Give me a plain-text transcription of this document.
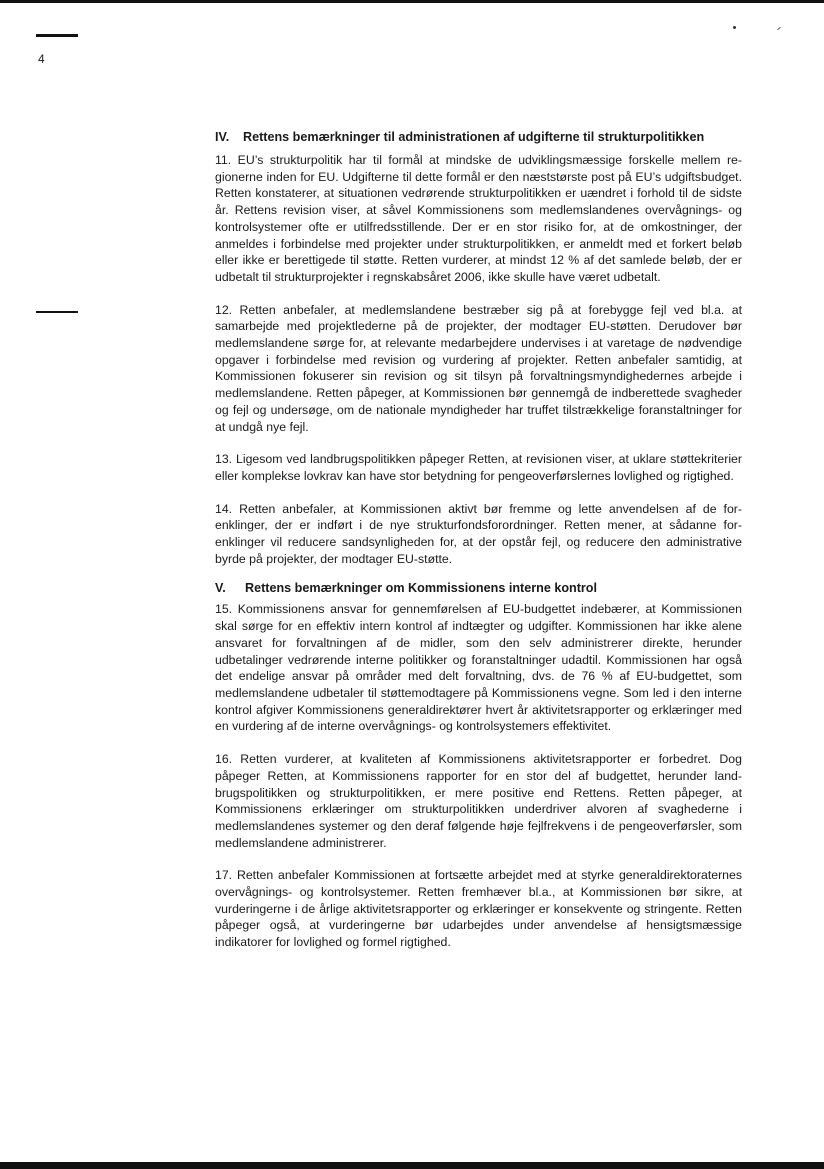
4
IV.	Rettens bemærkninger til administrationen af udgifterne til strukturpolitikken

11. EU’s strukturpolitik har til formål at mindske de udviklingsmæssige forskelle mellem regionerne inden for EU. Udgifterne til dette formål er den næststørste post på EU’s udgiftsbudget. Retten konstaterer, at situationen vedrørende strukturpolitikken er uændret i forhold til de sidste år. Rettens revision viser, at såvel Kommissionens som medlemslandenes overvågnings- og kontrolsystemer ofte er utilfredsstillende. Der er en stor risiko for, at de omkostninger, der anmeldes i forbindelse med projekter under strukturpolitikken, er anmeldt med et forkert beløb eller ikke er berettigede til støtte. Retten vurderer, at mindst 12 % af det samlede beløb, der er udbetalt til strukturprojekter i regnskabsåret 2006, ikke skulle have været udbetalt.

12. Retten anbefaler, at medlemslandene bestræber sig på at forebygge fejl ved bl.a. at samarbejde med projektlederne på de projekter, der modtager EU-støtten. Derudover bør medlemslandene sørge for, at relevante medarbejdere undervises i at varetage de nødvendige opgaver i forbindelse med revision og vurdering af projekter. Retten anbefaler samtidig, at Kommissionen fokuserer sin revision og sit tilsyn på forvaltningsmyndighedernes arbejde i medlemslandene. Retten påpeger, at Kommissionen bør gennemgå de indberettede svagheder og fejl og undersøge, om de nationale myndigheder har truffet tilstrækkelige foranstaltninger for at undgå nye fejl.

13. Ligesom ved landbrugspolitikken påpeger Retten, at revisionen viser, at uklare støttekriterier eller komplekse lovkrav kan have stor betydning for pengeoverførslernes lovlighed og rigtighed.

14. Retten anbefaler, at Kommissionen aktivt bør fremme og lette anvendelsen af de forenklinger, der er indført i de nye strukturfondsforordninger. Retten mener, at sådanne forenklinger vil reducere sandsynligheden for, at der opstår fejl, og reducere den administrative byrde på projekter, der modtager EU-støtte.

V.	Rettens bemærkninger om Kommissionens interne kontrol

15. Kommissionens ansvar for gennemførelsen af EU-budgettet indebærer, at Kommissionen skal sørge for en effektiv intern kontrol af indtægter og udgifter. Kommissionen har ikke alene ansvaret for forvaltningen af de midler, som den selv administrerer direkte, herunder udbetalinger vedrørende interne politikker og foranstaltninger udadtil. Kommissionen har også det endelige ansvar på områder med delt forvaltning, dvs. de 76 % af EU-budgettet, som medlemslandene udbetaler til støttemodtagere på Kommissionens vegne. Som led i den interne kontrol afgiver Kommissionens generaldirektører hvert år aktivitetsrapporter og erklæringer med en vurdering af de interne overvågnings- og kontrolsystemers effektivitet.

16. Retten vurderer, at kvaliteten af Kommissionens aktivitetsrapporter er forbedret. Dog påpeger Retten, at Kommissionens rapporter for en stor del af budgettet, herunder landbrugspolitikken og strukturpolitikken, er mere positive end Rettens. Retten påpeger, at Kommissionens erklæringer om strukturpolitikken underdriver alvoren af svaghederne i medlemslandenes systemer og den deraf følgende høje fejlfrekvens i de pengeoverførsler, som medlemslandene administrerer.

17. Retten anbefaler Kommissionen at fortsætte arbejdet med at styrke generaldirektoraternes overvågnings- og kontrolsystemer. Retten fremhæver bl.a., at Kommissionen bør sikre, at vurderingerne i de årlige aktivitetsrapporter og erklæringer er konsekvente og stringente. Retten påpeger også, at vurderingerne bør udarbejdes under anvendelse af hensigtsmæssige indikatorer for lovlighed og formel rigtighed.
